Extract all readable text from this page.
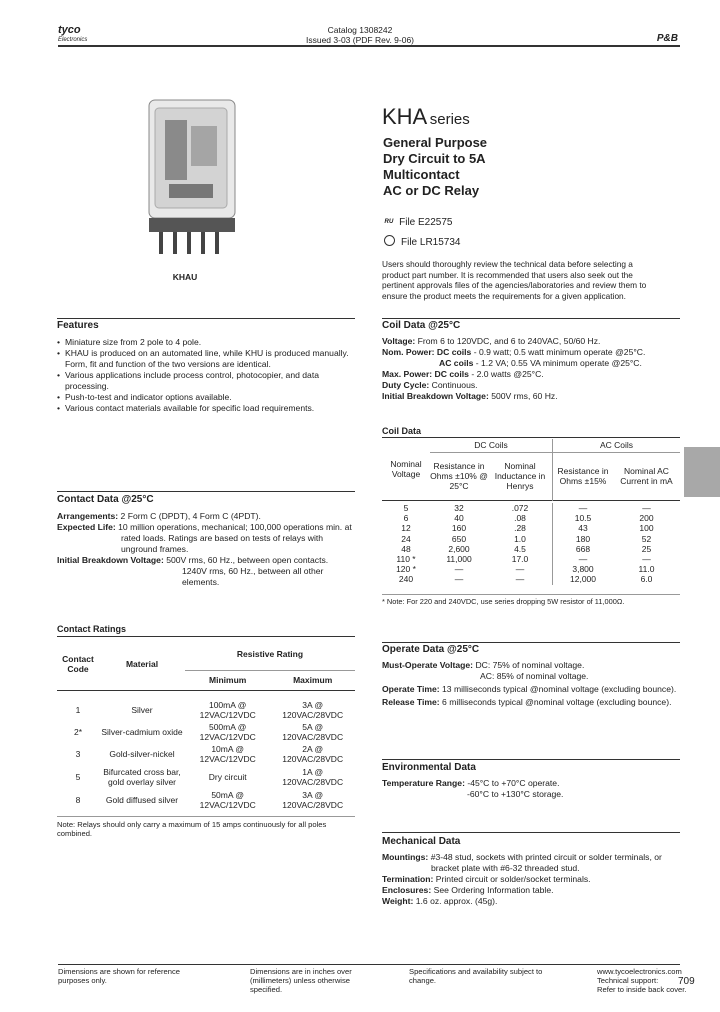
tyco
Electronics
Catalog 1308242
Issued 3-03 (PDF Rev. 9-06)	P&B
KHAU
KHA series
General Purpose
Dry Circuit to 5A
Multicontact
AC or DC Relay
ᴿᵁ File E22575
File LR15734
Users should thoroughly review the technical data before selecting a product part number. It is recommended that users also seek out the pertinent approvals files of the agencies/laboratories and review them to ensure the product meets the requirements for a given application.
Features
• Miniature size from 2 pole to 4 pole.
• KHAU is produced on an automated line, while KHU is produced manually. Form, fit and function of the two versions are identical.
• Various applications include process control, photocopier, and data processing.
• Push-to-test and indicator options available.
• Various contact materials available for specific load requirements.
Contact Data @25°C
Arrangements: 2 Form C (DPDT), 4 Form C (4PDT).
Expected Life: 10 million operations, mechanical; 100,000 operations min. at rated loads. Ratings are based on tests of relays with unground frames.
Initial Breakdown Voltage: 500V rms, 60 Hz., between open contacts. 1240V rms, 60 Hz., between all other elements.
Contact Ratings
Contact Code	Material	Resistive Rating	
		Minimum	Maximum

1	Silver	100mA @ 12VAC/12VDC	3A @ 120VAC/28VDC
2*	Silver-cadmium oxide	500mA @ 12VAC/12VDC	5A @ 120VAC/28VDC
3	Gold-silver-nickel	10mA @ 12VAC/12VDC	2A @ 120VAC/28VDC
5	Bifurcated cross bar, gold overlay silver	Dry circuit	1A @ 120VAC/28VDC
8	Gold diffused silver	50mA @ 12VAC/12VDC	3A @ 120VAC/28VDC
Note: Relays should only carry a maximum of 15 amps continuously for all poles combined.
Coil Data @25°C
Voltage: From 6 to 120VDC, and 6 to 240VAC, 50/60 Hz.
Nom. Power: DC coils - 0.9 watt; 0.5 watt minimum operate @25°C.
AC coils - 1.2 VA; 0.55 VA minimum operate @25°C.
Max. Power: DC coils - 2.0 watts @25°C.
Duty Cycle: Continuous.
Initial Breakdown Voltage: 500V rms, 60 Hz.
Coil Data
Nominal Voltage	DC Coils		AC Coils	
	Resistance in Ohms ±10% @ 25°C	Nominal Inductance in Henrys	Resistance in Ohms ±15%	Nominal AC Current in mA

5	32	.072	—	—
6	40	.08	10.5	200
12	160	.28	43	100
24	650	1.0	180	52
48	2,600	4.5	668	25
110 *	11,000	17.0	—	—
120 *	—	—	3,800	11.0
240	—	—	12,000	6.0
* Note: For 220 and 240VDC, use series dropping 5W resistor of 11,000Ω.
Operate Data @25°C
Must-Operate Voltage: DC: 75% of nominal voltage.
AC: 85% of nominal voltage.
Operate Time: 13 milliseconds typical @nominal voltage (excluding bounce).
Release Time: 6 milliseconds typical @nominal voltage (excluding bounce).
Environmental Data
Temperature Range: -45°C to +70°C operate.
-60°C to +130°C storage.
Mechanical Data
Mountings: #3-48 stud, sockets with printed circuit or solder terminals, or bracket plate with #6-32 threaded stud.
Termination: Printed circuit or solder/socket terminals.
Enclosures: See Ordering Information table.
Weight: 1.6 oz. approx. (45g).
Dimensions are shown for reference purposes only.
Dimensions are in inches over (millimeters) unless otherwise specified.
Specifications and availability subject to change.
www.tycoelectronics.com
Technical support:
Refer to inside back cover.
709
